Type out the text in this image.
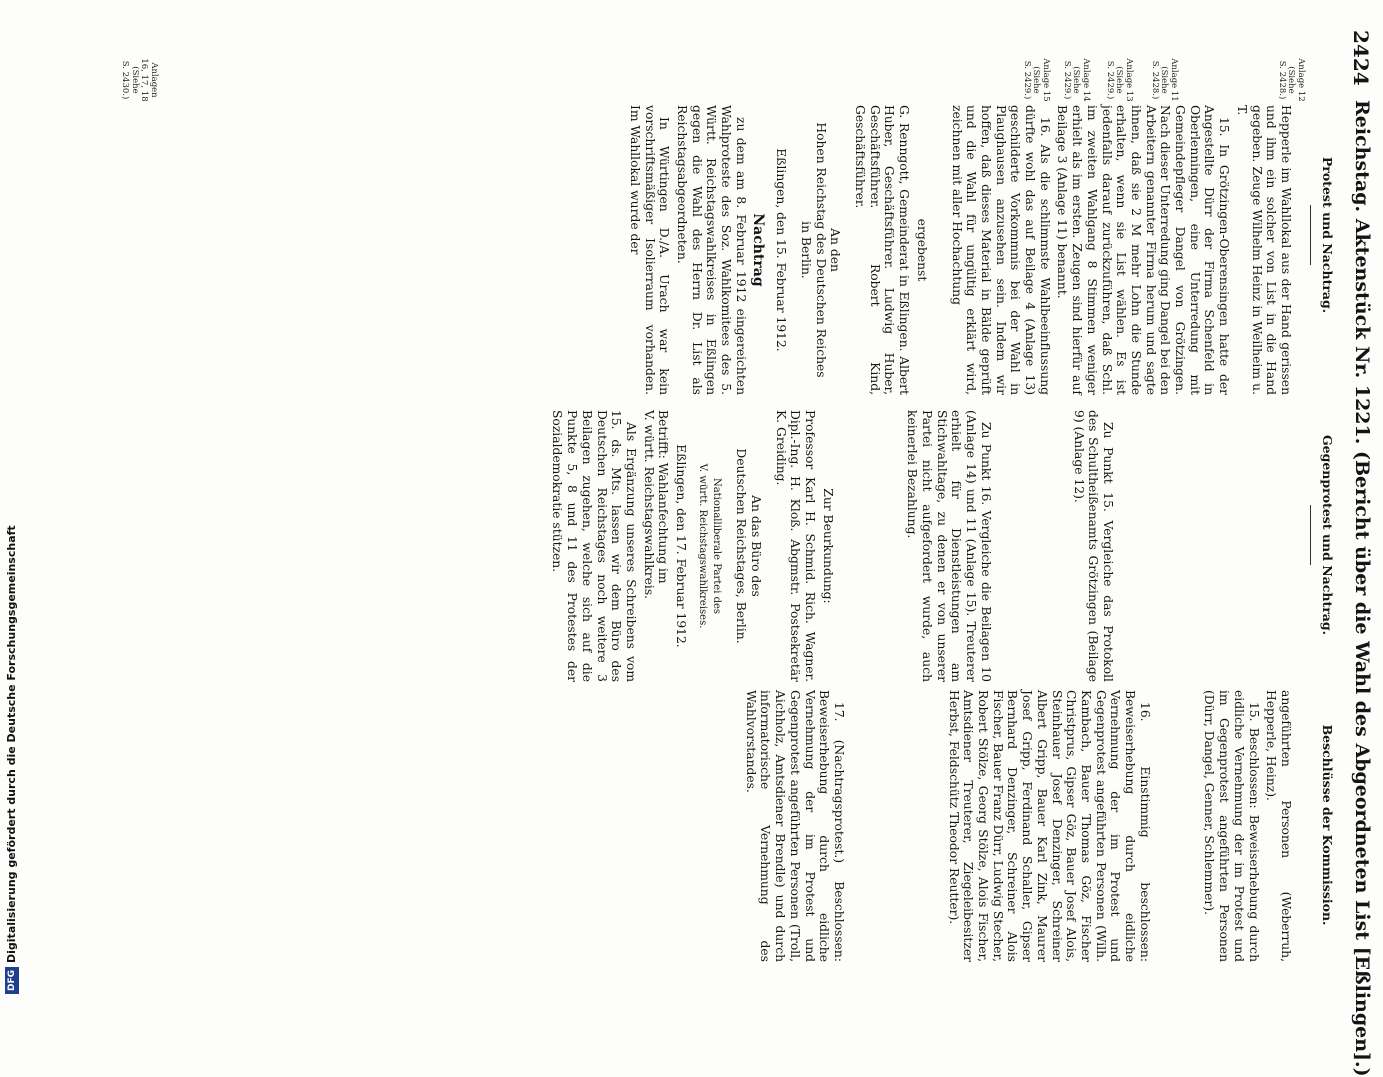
2424
Reichstag. Aktenstück Nr. 1221. (Bericht über die Wahl des Abgeordneten List [Eßlingen].)
Protest und Nachtrag.
Gegenprotest und Nachtrag.
Beschlüsse der Kommission.

Hepperle im Wahllokal aus der Hand gerissen und ihm ein solcher von List in die Hand gegeben. Zeuge Wilhelm Heinz in Weilheim u. T.

15. In Grötzingen-Oberensingen hatte der Angestellte Dürr der Firma Schenfeld in Oberlenningen, eine Unterredung mit Gemeindepfleger Dangel von Grötzingen. Nach dieser Unterredung ging Dangel bei den Arbeitern genannter Firma herum und sagte ihnen, daß sie 2 M mehr Lohn die Stunde erhalten, wenn sie List wählen. Es ist jedenfalls darauf zurückzuführen, daß Schl. im zweiten Wahlgang 8 Stimmen weniger erhielt als im ersten. Zeugen sind hierfür auf Beilage 3 (Anlage 11) benannt.

16. Als die schlimmste Wahlbeeinflussung dürfte wohl das auf Beilage 4 (Anlage 13) geschilderte Vorkommnis bei der Wahl in Plaughausen anzusehen sein. Indem wir hoffen, daß dieses Material in Bälde geprüft und die Wahl für ungültig erklärt wird, zeichnen mit aller Hochachtung

ergebenst

G. Renngott, Gemeinderat in Eßlingen. Albert Huber, Geschäftsführer. Ludwig Huber, Geschäftsführer. Robert Kind, Geschäftsführer.

An den

Hohen Reichstag des Deutschen Reiches

in Berlin.

Eßlingen, den 15. Februar 1912.

Nachtrag

zu dem am 8. Februar 1912 eingereichten Wahlproteste des Soz. Wahlkomitees des 5. Württ. Reichstagswahlkreises in Eßlingen gegen die Wahl des Herrn Dr. List als Reichstagsabgeordneten.

In Würtingen D./A. Urach war kein vorschriftsmäßiger Isolierraum vorhanden. Im Wahllokal wurde der

Zu Punkt 15. Vergleiche das Protokoll des Schultheißenamts Grötzingen (Beilage 9) (Anlage 12).

Zu Punkt 16. Vergleiche die Beilagen 10 (Anlage 14) und 11 (Anlage 15). Treuterer erhielt für Dienstleistungen am Stichwahltage, zu denen er von unserer Partei nicht aufgefordert wurde, auch keinerlei Bezahlung.

Zur Beurkundung:

Professor Karl H. Schmid. Rich. Wagner. Dipl.-Ing. H. Kloß. Abgmstr. Postsekretär K. Greiding.

An das Büro des

Deutschen Reichstages, Berlin.

Nationalliberale Partei des

V. württ. Reichstagswahlkreises.

Eßlingen, den 17. Februar 1912.

Betrifft: Wahlanfechtung im

V. württ. Reichstagswahlkreis.

Als Ergänzung unseres Schreibens vom 15. ds. Mts. lassen wir dem Büro des Deutschen Reichstages noch weitere 3 Beilagen zugehen, welche sich auf die Punkte 5, 8 und 11 des Protestes der Sozialdemokratie stützen.

angeführten Personen (Weberruh, Hepperle, Heinz).

15. Beschlossen: Beweiserhebung durch eidliche Vernehmung der im Protest und im Gegenprotest angeführten Personen (Dürr, Dangel, Genner, Schlemmer).

16. Einstimmig beschlossen: Beweiserhebung durch eidliche Vernehmung der im Protest und Gegenprotest angeführten Personen (Wilh. Kambach, Bauer Thomas Göz, Fischer Christprus, Gipser Göz, Bauer Josef Alois, Steinhauer Josef Denzinger, Schreiner Albert Gripp, Bauer Karl Zink, Maurer Josef Gripp, Ferdinand Schaller, Gipser Bernhard Denzinger, Schreiner Alois Fischer, Bauer Franz Dürr, Ludwig Stecher, Robert Stölze, Georg Stölze, Alois Fischer, Amtsdiener Treuterer, Ziegeleibesitzer Herbst, Feldschütz Theodor Reutter).

17. (Nachtragsprotest.) Beschlossen: Beweiserhebung durch eidliche Vernehmung der im Protest und Gegenprotest angeführten Personen (Troll, Aichholz, Amtsdiener Brendle) und durch informatorische Vernehmung des Wahlvorstandes.

Anlage 12
(Siehe
S. 2428.)
Anlage 11
(Siehe
S. 2428.)
Anlage 13
(Siehe
S. 2429.)
Anlage 14
(Siehe
S. 2429.)
Anlage 15
(Siehe
S. 2429.)
Anlagen
16, 17, 18
(Siehe
S. 2430.)
DFGDigitalisierung gefördert durch die Deutsche Forschungsgemeinschaft
